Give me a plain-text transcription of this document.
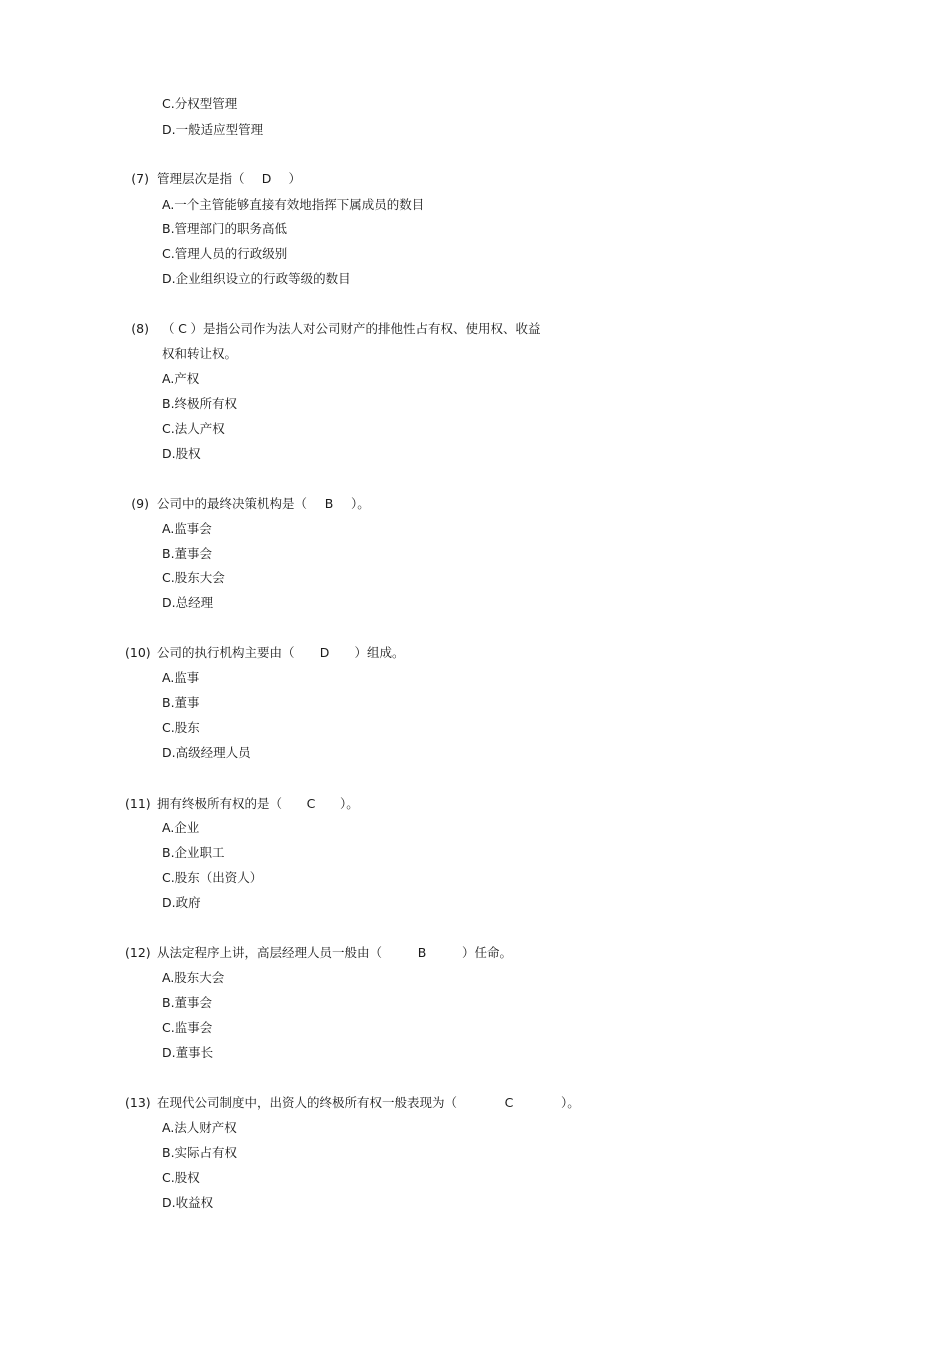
C.分权型管理
D.一般适应型管理
(7) 管理层次是指（ D ）
A.一个主管能够直接有效地指挥下属成员的数目
B.管理部门的职务高低
C.管理人员的行政级别
D.企业组织设立的行政等级的数目
(8) （ C ）是指公司作为法人对公司财产的排他性占有权、使用权、收益
权和转让权。
A.产权
B.终极所有权
C.法人产权
D.股权
(9) 公司中的最终决策机构是（ B ）。
A.监事会
B.董事会
C.股东大会
D.总经理
(10) 公司的执行机构主要由（ D ）组成。
A.监事
B.董事
C.股东
D.高级经理人员
(11) 拥有终极所有权的是（ C ）。
A.企业
B.企业职工
C.股东（出资人）
D.政府
(12) 从法定程序上讲，高层经理人员一般由（	B	）任命。
A.股东大会
B.董事会
C.监事会
D.董事长
(13) 在现代公司制度中，出资人的终极所有权一般表现为（	C	）。
A.法人财产权
B.实际占有权
C.股权
D.收益权
